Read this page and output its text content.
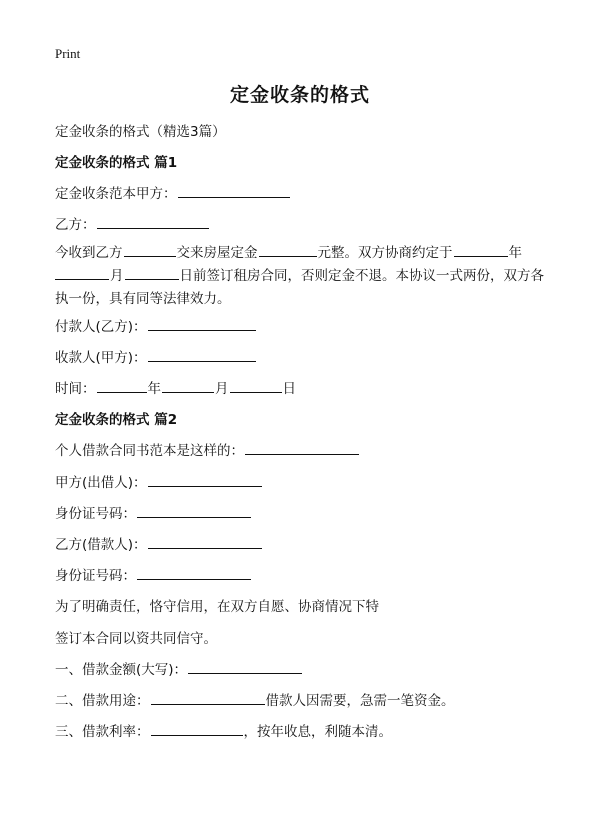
Print
定金收条的格式
定金收条的格式（精选3篇）
定金收条的格式 篇1
定金收条范本甲方：
乙方：
今收到乙方	交来房屋定金	元整。双方协商约定于	年
月	日前签订租房合同，否则定金不退。本协议一式两份，双方各
执一份，具有同等法律效力。
付款人(乙方)：
收款人(甲方)：
时间：	年	月	日
定金收条的格式 篇2
个人借款合同书范本是这样的：
甲方(出借人)：
身份证号码：
乙方(借款人)：
身份证号码：
为了明确责任，恪守信用，在双方自愿、协商情况下特
签订本合同以资共同信守。
一、借款金额(大写)：
二、借款用途：	借款人因需要，急需一笔资金。
三、借款利率：	，按年收息，利随本清。
